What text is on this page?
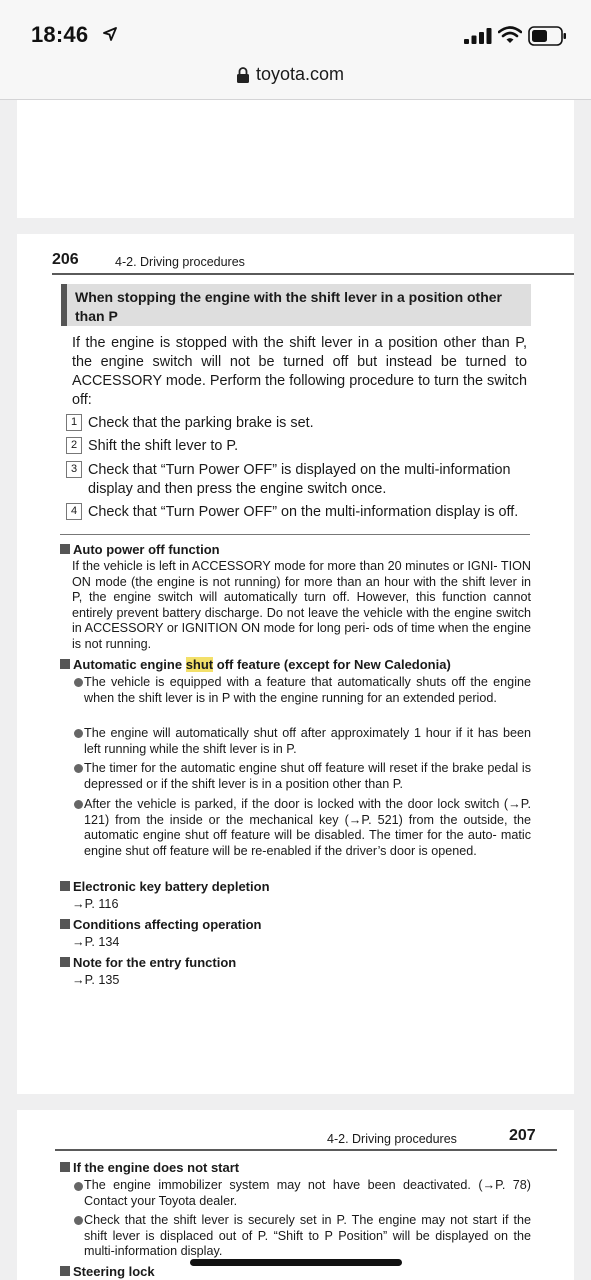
18:46
toyota.com
206	4-2. Driving procedures
When stopping the engine with the shift lever in a position other than P
If the engine is stopped with the shift lever in a position other than P, the engine switch will not be turned off but instead be turned to ACCESSORY mode. Perform the following procedure to turn the switch off:
1 Check that the parking brake is set.
2 Shift the shift lever to P.
3 Check that “Turn Power OFF” is displayed on the multi-information display and then press the engine switch once.
4 Check that “Turn Power OFF” on the multi-information display is off.
Auto power off function
If the vehicle is left in ACCESSORY mode for more than 20 minutes or IGNI- TION ON mode (the engine is not running) for more than an hour with the shift lever in P, the engine switch will automatically turn off. However, this function cannot entirely prevent battery discharge. Do not leave the vehicle with the engine switch in ACCESSORY or IGNITION ON mode for long peri- ods of time when the engine is not running.
Automatic engine shut off feature (except for New Caledonia)
The vehicle is equipped with a feature that automatically shuts off the engine when the shift lever is in P with the engine running for an extended period.
The engine will automatically shut off after approximately 1 hour if it has been left running while the shift lever is in P.
The timer for the automatic engine shut off feature will reset if the brake pedal is depressed or if the shift lever is in a position other than P.
After the vehicle is parked, if the door is locked with the door lock switch (→P. 121) from the inside or the mechanical key (→P. 521) from the outside, the automatic engine shut off feature will be disabled. The timer for the auto- matic engine shut off feature will be re-enabled if the driver’s door is opened.
Electronic key battery depletion
→P. 116
Conditions affecting operation
→P. 134
Note for the entry function
→P. 135
4-2. Driving procedures	207
If the engine does not start
The engine immobilizer system may not have been deactivated. (→P. 78) Contact your Toyota dealer.
Check that the shift lever is securely set in P. The engine may not start if the shift lever is displaced out of P. “Shift to P Position” will be displayed on the multi-information display.
Steering lock
